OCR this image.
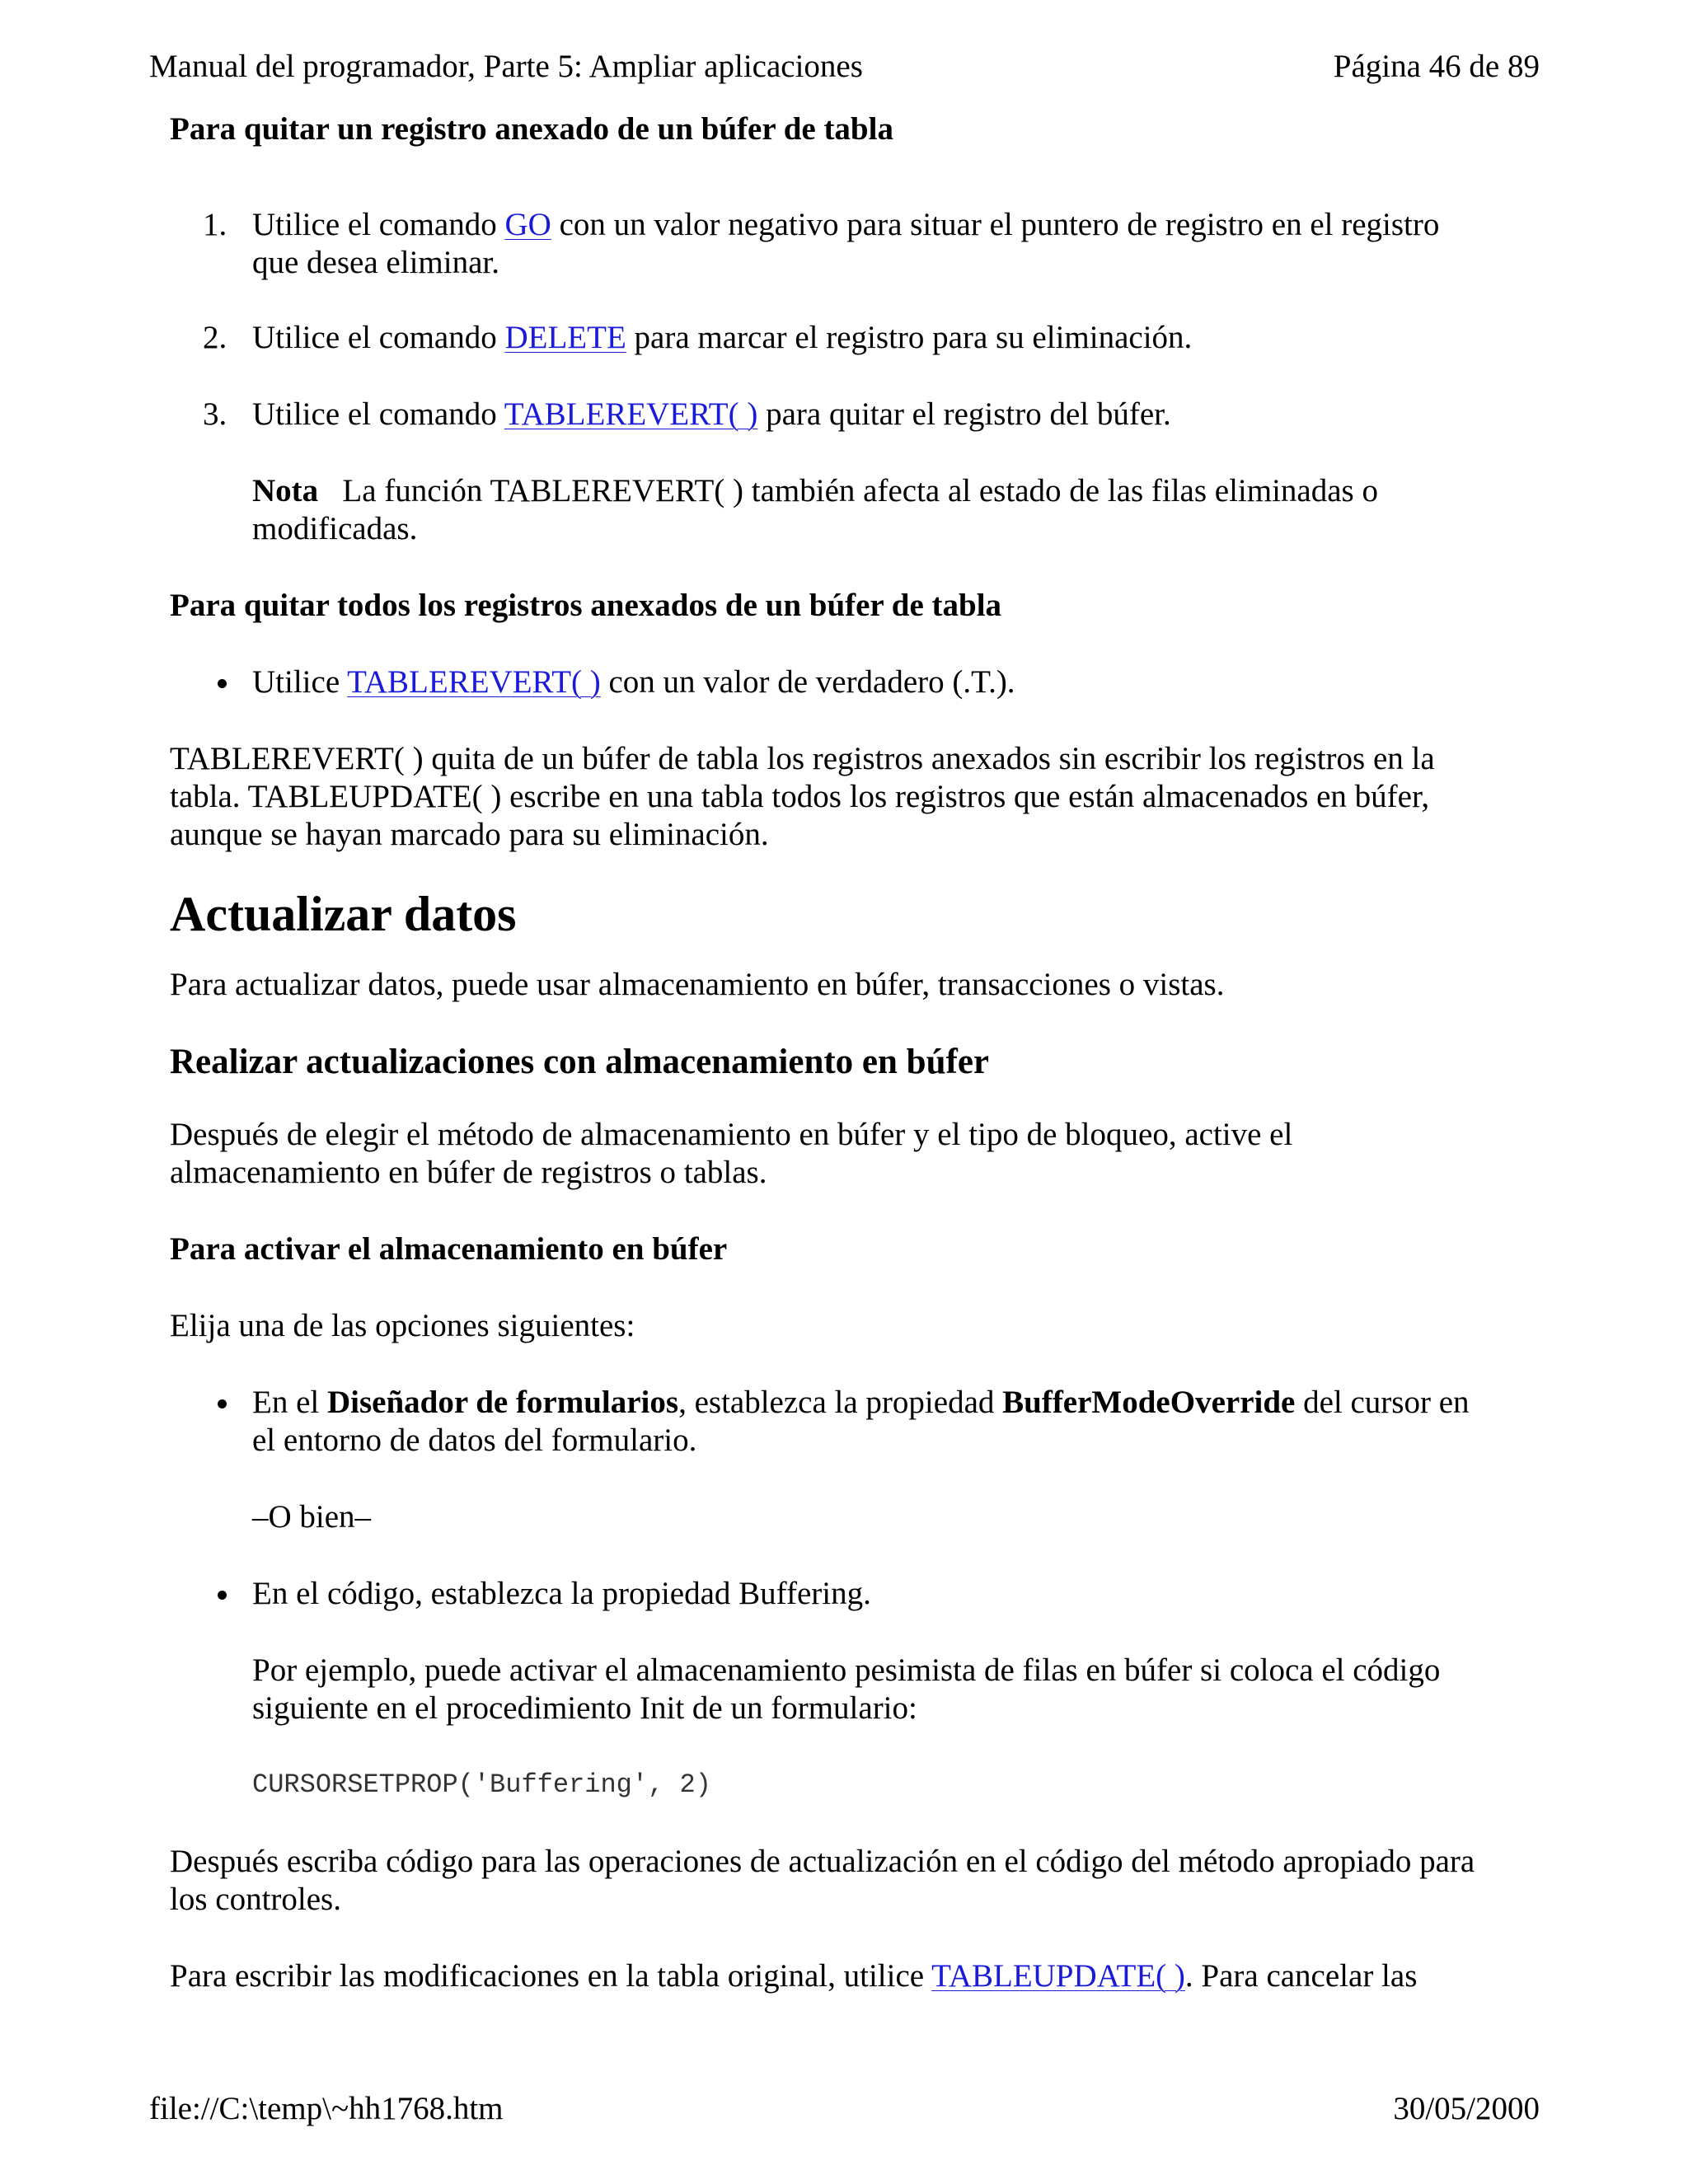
Manual del programador, Parte 5: Ampliar aplicaciones	Página 46 de 89
Para quitar un registro anexado de un búfer de tabla
1. Utilice el comando GO con un valor negativo para situar el puntero de registro en el registro
que desea eliminar.
2. Utilice el comando DELETE para marcar el registro para su eliminación.
3. Utilice el comando TABLEREVERT( ) para quitar el registro del búfer.
Nota La función TABLEREVERT( ) también afecta al estado de las filas eliminadas o
modificadas.
Para quitar todos los registros anexados de un búfer de tabla
Utilice TABLEREVERT( ) con un valor de verdadero (.T.).
TABLEREVERT( ) quita de un búfer de tabla los registros anexados sin escribir los registros en la
tabla. TABLEUPDATE( ) escribe en una tabla todos los registros que están almacenados en búfer,
aunque se hayan marcado para su eliminación.
Actualizar datos
Para actualizar datos, puede usar almacenamiento en búfer, transacciones o vistas.
Realizar actualizaciones con almacenamiento en búfer
Después de elegir el método de almacenamiento en búfer y el tipo de bloqueo, active el
almacenamiento en búfer de registros o tablas.
Para activar el almacenamiento en búfer
Elija una de las opciones siguientes:
En el Diseñador de formularios, establezca la propiedad BufferModeOverride del cursor en
el entorno de datos del formulario.
–O bien–
En el código, establezca la propiedad Buffering.
Por ejemplo, puede activar el almacenamiento pesimista de filas en búfer si coloca el código
siguiente en el procedimiento Init de un formulario:
CURSORSETPROP('Buffering', 2)
Después escriba código para las operaciones de actualización en el código del método apropiado para
los controles.
Para escribir las modificaciones en la tabla original, utilice TABLEUPDATE( ). Para cancelar las
file://C:\temp\~hh1768.htm	30/05/2000
